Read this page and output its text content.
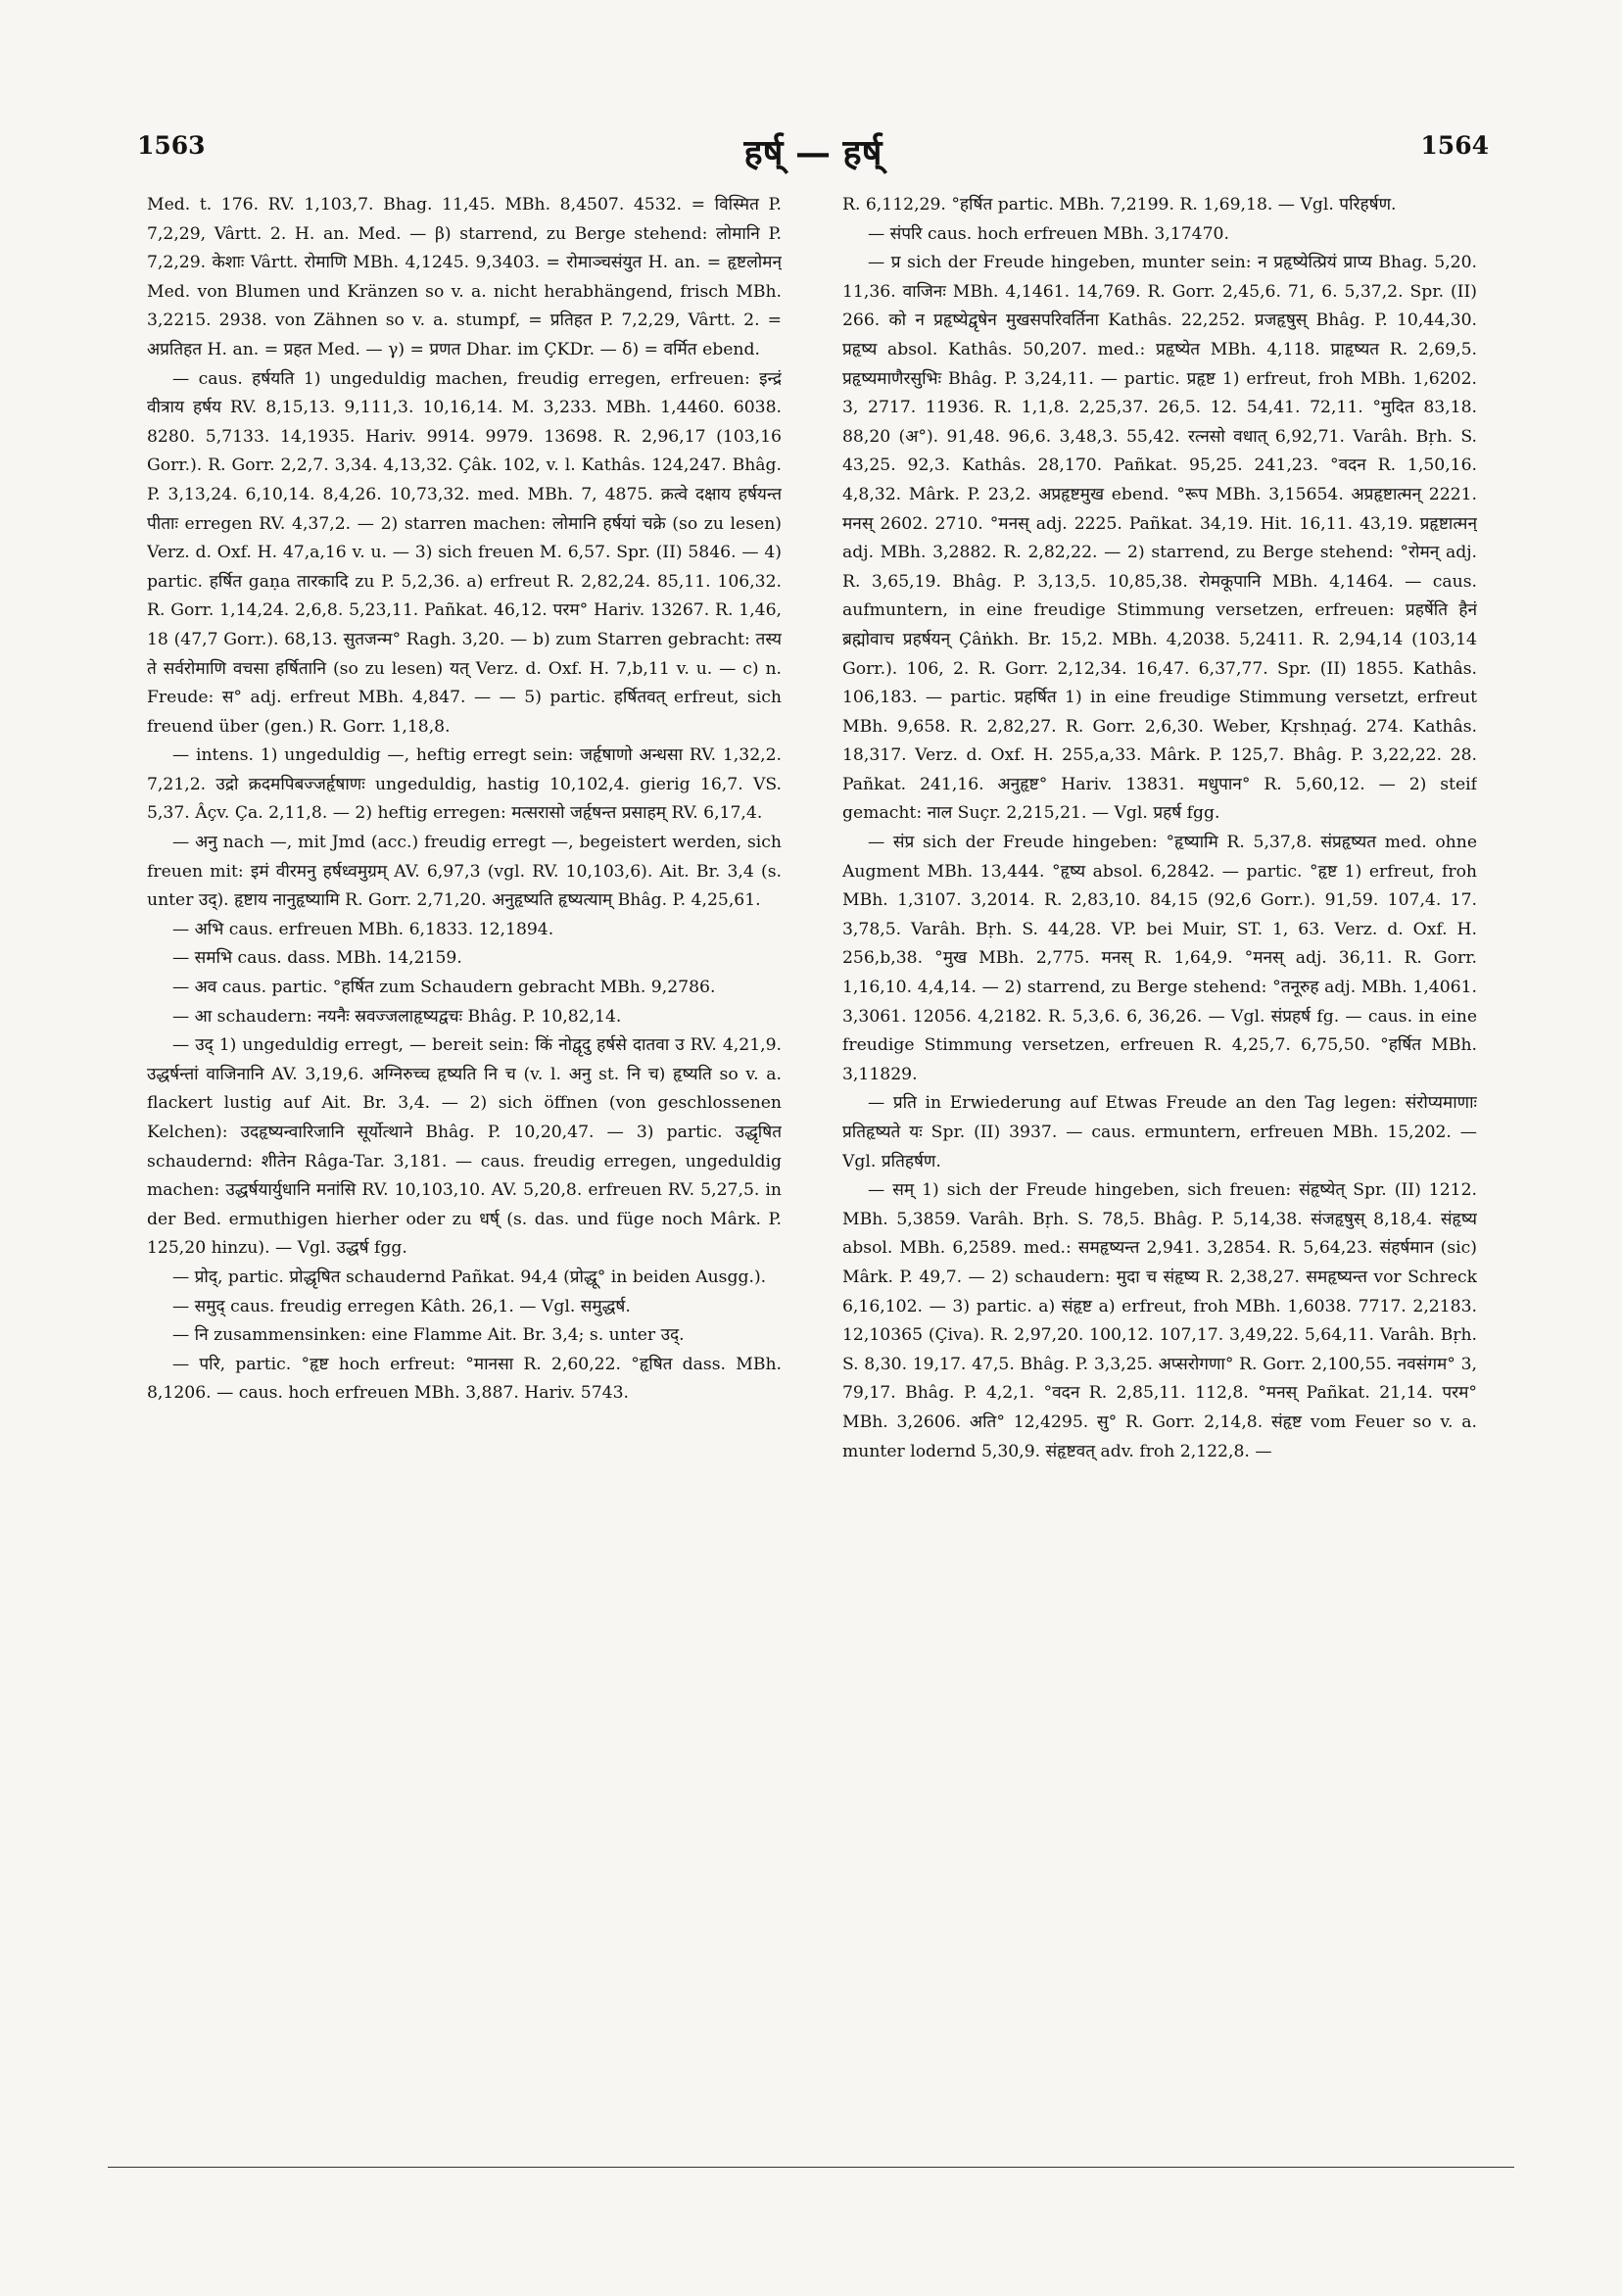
1563	हर्ष् — हर्ष्	1564

Med. t. 176. RV. 1,103,7. Bhag. 11,45. MBh. 8,4507. 4532. = विस्मित P. 7,2,29, Vârtt. 2. H. an. Med. — β) starrend, zu Berge stehend: लोमानि P. 7,2,29. केशाः Vârtt. रोमाणि MBh. 4,1245. 9,3403. = रोमाञ्चसंयुत H. an. = हृष्टलोमन् Med. von Blumen und Kränzen so v. a. nicht herabhängend, frisch MBh. 3,2215. 2938. von Zähnen so v. a. stumpf, = प्रतिहत P. 7,2,29, Vârtt. 2. = अप्रतिहत H. an. = प्रहत Med. — γ) = प्रणत Dhar. im ÇKDr. — δ) = वर्मित ebend.

— caus. हर्षयति 1) ungeduldig machen, freudig erregen, erfreuen: इन्द्रं वीत्राय हर्षय RV. 8,15,13. 9,111,3. 10,16,14. M. 3,233. MBh. 1,4460. 6038. 8280. 5,7133. 14,1935. Hariv. 9914. 9979. 13698. R. 2,96,17 (103,16 Gorr.). R. Gorr. 2,2,7. 3,34. 4,13,32. Çâk. 102, v. l. Kathâs. 124,247. Bhâg. P. 3,13,24. 6,10,14. 8,4,26. 10,73,32. med. MBh. 7, 4875. क्रत्वे दक्षाय हर्षयन्त पीताः erregen RV. 4,37,2. — 2) starren machen: लोमानि हर्षयां चक्रे (so zu lesen) Verz. d. Oxf. H. 47,a,16 v. u. — 3) sich freuen M. 6,57. Spr. (II) 5846. — 4) partic. हर्षित gaṇa तारकादि zu P. 5,2,36. a) erfreut R. 2,82,24. 85,11. 106,32. R. Gorr. 1,14,24. 2,6,8. 5,23,11. Pañkat. 46,12. परम° Hariv. 13267. R. 1,46, 18 (47,7 Gorr.). 68,13. सुतजन्म° Ragh. 3,20. — b) zum Starren gebracht: तस्य ते सर्वरोमाणि वचसा हर्षितानि (so zu lesen) यत् Verz. d. Oxf. H. 7,b,11 v. u. — c) n. Freude: स° adj. erfreut MBh. 4,847. — — 5) partic. हर्षितवत् erfreut, sich freuend über (gen.) R. Gorr. 1,18,8.

— intens. 1) ungeduldig —, heftig erregt sein: जर्हृषाणो अन्धसा RV. 1,32,2. 7,21,2. उद्रो क्रदमपिबज्जर्हृषाणः ungeduldig, hastig 10,102,4. gierig 16,7. VS. 5,37. Âçv. Ça. 2,11,8. — 2) heftig erregen: मत्सरासो जर्हृषन्त प्रसाहम् RV. 6,17,4.

— अनु nach —, mit Jmd (acc.) freudig erregt —, begeistert werden, sich freuen mit: इमं वीरमनु हर्षध्वमुग्रम् AV. 6,97,3 (vgl. RV. 10,103,6). Ait. Br. 3,4 (s. unter उद्). हृष्टाय नानुहृष्यामि R. Gorr. 2,71,20. अनुहृष्यति हृष्यत्याम् Bhâg. P. 4,25,61.

— अभि caus. erfreuen MBh. 6,1833. 12,1894.

— समभि caus. dass. MBh. 14,2159.

— अव caus. partic. °हर्षित zum Schaudern gebracht MBh. 9,2786.

— आ schaudern: नयनैः स्रवज्जलाहृष्यद्वचः Bhâg. P. 10,82,14.

— उद् 1) ungeduldig erregt, — bereit sein: किं नोद्वृदु हर्षसे दातवा उ RV. 4,21,9. उद्धर्षन्तां वाजिनानि AV. 3,19,6. अग्निरुच्च हृष्यति नि च (v. l. अनु st. नि च) हृष्यति so v. a. flackert lustig auf Ait. Br. 3,4. — 2) sich öffnen (von geschlossenen Kelchen): उदहृष्यन्वारिजानि सूर्योत्थाने Bhâg. P. 10,20,47. — 3) partic. उद्धृषित schaudernd: शीतेन Râga-Tar. 3,181. — caus. freudig erregen, ungeduldig machen: उद्धर्षयार्युधानि मनांसि RV. 10,103,10. AV. 5,20,8. erfreuen RV. 5,27,5. in der Bed. ermuthigen hierher oder zu धर्ष् (s. das. und füge noch Mârk. P. 125,20 hinzu). — Vgl. उद्धर्ष fgg.

— प्रोद्, partic. प्रोद्धृषित schaudernd Pañkat. 94,4 (प्रोद्धू° in beiden Ausgg.).

— समुद् caus. freudig erregen Kâth. 26,1. — Vgl. समुद्धर्ष.

— नि zusammensinken: eine Flamme Ait. Br. 3,4; s. unter उद्.

— परि, partic. °हृष्ट hoch erfreut: °मानसा R. 2,60,22. °हृषित dass. MBh. 8,1206. — caus. hoch erfreuen MBh. 3,887. Hariv. 5743.

R. 6,112,29. °हर्षित partic. MBh. 7,2199. R. 1,69,18. — Vgl. परिहर्षण.

— संपरि caus. hoch erfreuen MBh. 3,17470.

— प्र sich der Freude hingeben, munter sein: न प्रहृष्येत्प्रियं प्राप्य Bhag. 5,20. 11,36. वाजिनः MBh. 4,1461. 14,769. R. Gorr. 2,45,6. 71, 6. 5,37,2. Spr. (II) 266. को न प्रहृष्येद्वृषेन मुखसपरिवर्तिना Kathâs. 22,252. प्रजहृषुस् Bhâg. P. 10,44,30. प्रहृष्य absol. Kathâs. 50,207. med.: प्रहृष्येत MBh. 4,118. प्राहृष्यत R. 2,69,5. प्रहृष्यमाणैरसुभिः Bhâg. P. 3,24,11. — partic. प्रहृष्ट 1) erfreut, froh MBh. 1,6202. 3, 2717. 11936. R. 1,1,8. 2,25,37. 26,5. 12. 54,41. 72,11. °मुदित 83,18. 88,20 (अ°). 91,48. 96,6. 3,48,3. 55,42. रत्नसो वधात् 6,92,71. Varâh. Bṛh. S. 43,25. 92,3. Kathâs. 28,170. Pañkat. 95,25. 241,23. °वदन R. 1,50,16. 4,8,32. Mârk. P. 23,2. अप्रहृष्टमुख ebend. °रूप MBh. 3,15654. अप्रहृष्टात्मन् 2221. मनस् 2602. 2710. °मनस् adj. 2225. Pañkat. 34,19. Hit. 16,11. 43,19. प्रहृष्टात्मन् adj. MBh. 3,2882. R. 2,82,22. — 2) starrend, zu Berge stehend: °रोमन् adj. R. 3,65,19. Bhâg. P. 3,13,5. 10,85,38. रोमकूपानि MBh. 4,1464. — caus. aufmuntern, in eine freudige Stimmung versetzen, erfreuen: प्रहर्षेति हैनं ब्रह्मोवाच प्रहर्षयन् Çâṅkh. Br. 15,2. MBh. 4,2038. 5,2411. R. 2,94,14 (103,14 Gorr.). 106, 2. R. Gorr. 2,12,34. 16,47. 6,37,77. Spr. (II) 1855. Kathâs. 106,183. — partic. प्रहर्षित 1) in eine freudige Stimmung versetzt, erfreut MBh. 9,658. R. 2,82,27. R. Gorr. 2,6,30. Weber, Kṛshṇaǵ. 274. Kathâs. 18,317. Verz. d. Oxf. H. 255,a,33. Mârk. P. 125,7. Bhâg. P. 3,22,22. 28. Pañkat. 241,16. अनुहृष्ट° Hariv. 13831. मधुपान° R. 5,60,12. — 2) steif gemacht: नाल Suçr. 2,215,21. — Vgl. प्रहर्ष fgg.

— संप्र sich der Freude hingeben: °हृष्यामि R. 5,37,8. संप्रहृष्यत med. ohne Augment MBh. 13,444. °हृष्य absol. 6,2842. — partic. °हृष्ट 1) erfreut, froh MBh. 1,3107. 3,2014. R. 2,83,10. 84,15 (92,6 Gorr.). 91,59. 107,4. 17. 3,78,5. Varâh. Bṛh. S. 44,28. VP. bei Muir, ST. 1, 63. Verz. d. Oxf. H. 256,b,38. °मुख MBh. 2,775. मनस् R. 1,64,9. °मनस् adj. 36,11. R. Gorr. 1,16,10. 4,4,14. — 2) starrend, zu Berge stehend: °तनूरुह adj. MBh. 1,4061. 3,3061. 12056. 4,2182. R. 5,3,6. 6, 36,26. — Vgl. संप्रहर्ष fg. — caus. in eine freudige Stimmung versetzen, erfreuen R. 4,25,7. 6,75,50. °हर्षित MBh. 3,11829.

— प्रति in Erwiederung auf Etwas Freude an den Tag legen: संरोप्यमाणाः प्रतिहृष्यते यः Spr. (II) 3937. — caus. ermuntern, erfreuen MBh. 15,202. — Vgl. प्रतिहर्षण.

— सम् 1) sich der Freude hingeben, sich freuen: संहृष्येत् Spr. (II) 1212. MBh. 5,3859. Varâh. Bṛh. S. 78,5. Bhâg. P. 5,14,38. संजहृषुस् 8,18,4. संहृष्य absol. MBh. 6,2589. med.: समहृष्यन्त 2,941. 3,2854. R. 5,64,23. संहर्षमान (sic) Mârk. P. 49,7. — 2) schaudern: मुदा च संहृष्य R. 2,38,27. समहृष्यन्त vor Schreck 6,16,102. — 3) partic. a) संहृष्ट a) erfreut, froh MBh. 1,6038. 7717. 2,2183. 12,10365 (Çiva). R. 2,97,20. 100,12. 107,17. 3,49,22. 5,64,11. Varâh. Bṛh. S. 8,30. 19,17. 47,5. Bhâg. P. 3,3,25. अप्सरोगणा° R. Gorr. 2,100,55. नवसंगम° 3, 79,17. Bhâg. P. 4,2,1. °वदन R. 2,85,11. 112,8. °मनस् Pañkat. 21,14. परम° MBh. 3,2606. अति° 12,4295. सु° R. Gorr. 2,14,8. संहृष्ट vom Feuer so v. a. munter lodernd 5,30,9. संहृष्टवत् adv. froh 2,122,8. —
